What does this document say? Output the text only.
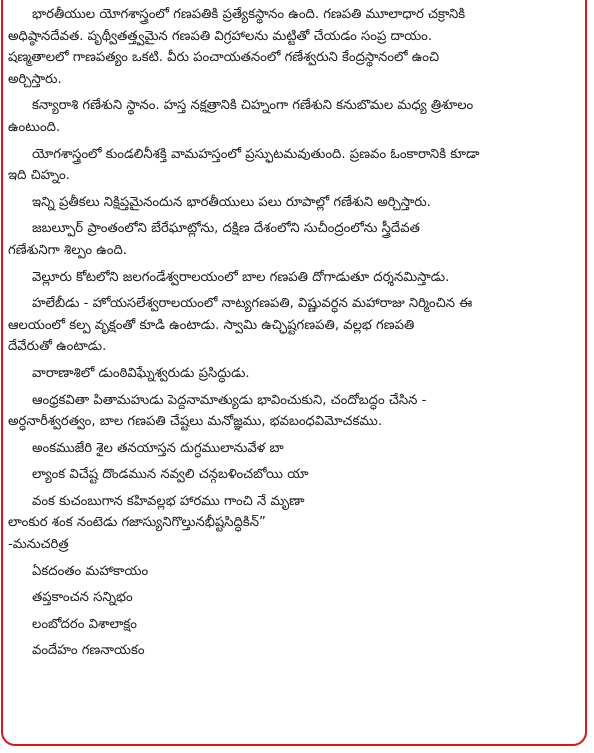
భారతీయుల యోగశాస్త్రంలో గణపతికి ప్రత్యేకస్థానం ఉంది. గణపతి మూలాధార చక్రానికి
అధిష్ఠానదేవత. పృథ్వీతత్త్వమైన గణపతి విగ్రహాలను మట్టితో చేయడం సంప్ర దాయం.
షణ్మతాలలో గాణపత్యం ఒకటి. వీరు పంచాయతనంలో గణేశ్వరుని కేంద్రస్థానంలో ఉంచి
అర్చిస్తారు.
కన్యారాశి గణేశుని స్థానం. హస్త నక్షత్రానికి చిహ్నంగా గణేశుని కనుబొమల మధ్య త్రిశూలం
ఉంటుంది.
యోగశాస్త్రంలో కుండలినీశక్తి వామహస్తంలో ప్రస్ఫుటమవుతుంది. ప్రణవం ఓంకారానికి కూడా
ఇది చిహ్నం.
ఇన్ని ప్రతీకలు నిక్షిప్తమైనందున భారతీయులు పలు రూపాల్లో గణేశుని అర్చిస్తారు.
జబల్పూర్ ప్రాంతంలోని బేరేఘాట్లోను, దక్షిణ దేశంలోని సుచీంద్రంలోను స్త్రీదేవత
గణేశునిగా శిల్పం ఉంది.
వెల్లూరు కోటలోని జలగండేశ్వరాలయంలో బాల గణపతి దోగాడుతూ దర్శనమిస్తాడు.
హలేబీడు - హోయసలేశ్వరాలయంలో నాట్యగణపతి, విష్ణువర్ధన మహారాజు నిర్మించిన ఈ
ఆలయంలో కల్ప వృక్షంతో కూడి ఉంటాడు. స్వామి ఉచ్ఛిష్టగణపతి, వల్లభ గణపతి
దేవేరుతో ఉంటాడు.
వారాణాశిలో డుంఠివిఘ్నేశ్వరుడు ప్రసిద్ధుడు.
ఆంధ్రకవితా పితామహుడు పెద్దనామాత్యుడు భావించుకుని, చందోబద్ధం చేసిన -
అర్ధనారీశ్వరత్వం, బాల గణపతి చేష్టలు మనోజ్ఞము, భవబంధవిమోచకము.
అంకముజేరి శైల తనయాస్తన దుగ్ధములానువేళ బా
ల్యాంక విచేష్ట దొండమున నవ్వలి చన్గబళించబోయి యా
వంక కుచంబుగాన కహివల్లభ హారము గాంచి నే మృణా
లాంకుర శంక నంటెడు గజాస్యునిగొల్తునభీష్టసిద్ధికిన్”
-మనుచరిత్ర
ఏకదంతం మహాకాయం
తప్తకాంచన సన్నిభం
లంబోదరం విశాలాక్షం
వందేహం గణనాయకం
